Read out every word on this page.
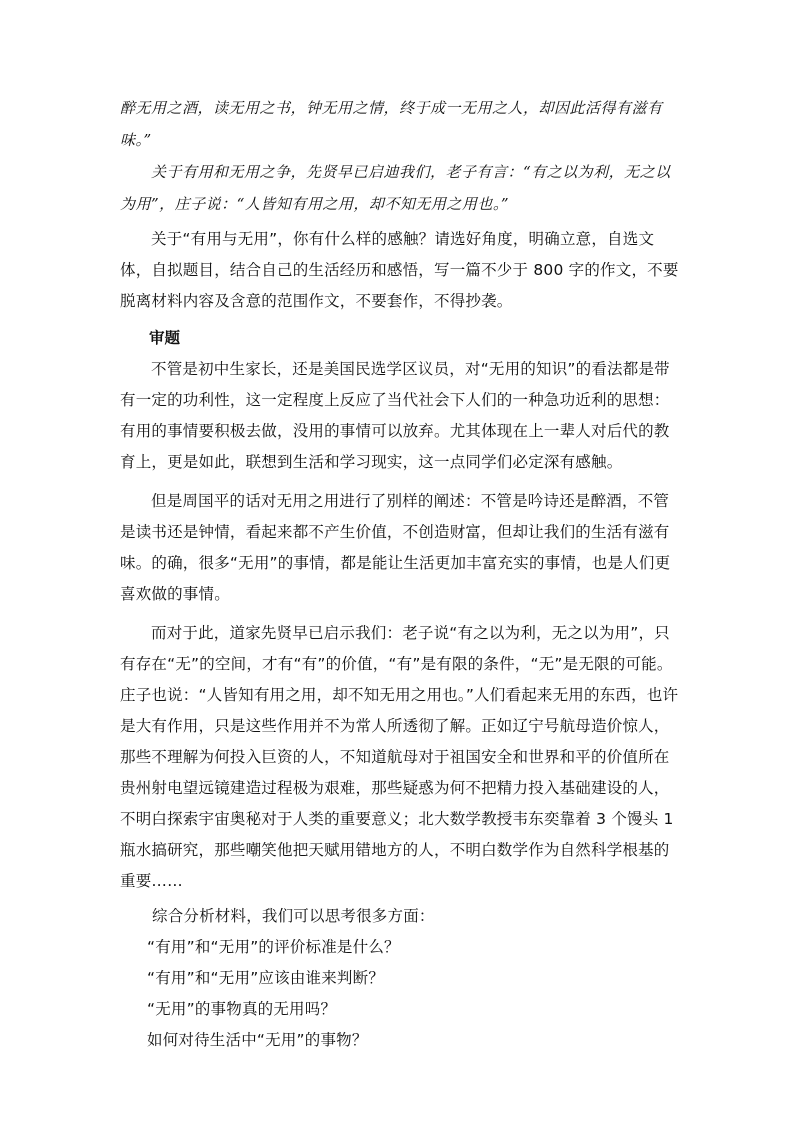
醉无用之酒，读无用之书，钟无用之情，终于成一无用之人，却因此活得有滋有味。”

关于有用和无用之争，先贤早已启迪我们，老子有言：“有之以为利，无之以为用”，庄子说：“人皆知有用之用，却不知无用之用也。”

关于“有用与无用”，你有什么样的感触？请选好角度，明确立意，自选文体，自拟题目，结合自己的生活经历和感悟，写一篇不少于 800 字的作文，不要脱离材料内容及含意的范围作文，不要套作，不得抄袭。

审题

不管是初中生家长，还是美国民选学区议员，对“无用的知识”的看法都是带有一定的功利性，这一定程度上反应了当代社会下人们的一种急功近利的思想：有用的事情要积极去做，没用的事情可以放弃。尤其体现在上一辈人对后代的教育上，更是如此，联想到生活和学习现实，这一点同学们必定深有感触。

但是周国平的话对无用之用进行了别样的阐述：不管是吟诗还是醉酒，不管是读书还是钟情，看起来都不产生价值，不创造财富，但却让我们的生活有滋有味。的确，很多“无用”的事情，都是能让生活更加丰富充实的事情，也是人们更喜欢做的事情。

而对于此，道家先贤早已启示我们：老子说“有之以为利，无之以为用”，只有存在“无”的空间，才有“有”的价值，“有”是有限的条件，“无”是无限的可能。庄子也说：“人皆知有用之用，却不知无用之用也。”人们看起来无用的东西，也许是大有作用，只是这些作用并不为常人所透彻了解。正如辽宁号航母造价惊人，那些不理解为何投入巨资的人，不知道航母对于祖国安全和世界和平的价值所在贵州射电望远镜建造过程极为艰难，那些疑惑为何不把精力投入基础建设的人，不明白探索宇宙奥秘对于人类的重要意义；北大数学教授韦东奕靠着 3 个馒头 1 瓶水搞研究，那些嘲笑他把天赋用错地方的人，不明白数学作为自然科学根基的重要……

综合分析材料，我们可以思考很多方面：

“有用”和“无用”的评价标准是什么？

“有用”和“无用”应该由谁来判断？

“无用”的事物真的无用吗？

如何对待生活中“无用”的事物？
